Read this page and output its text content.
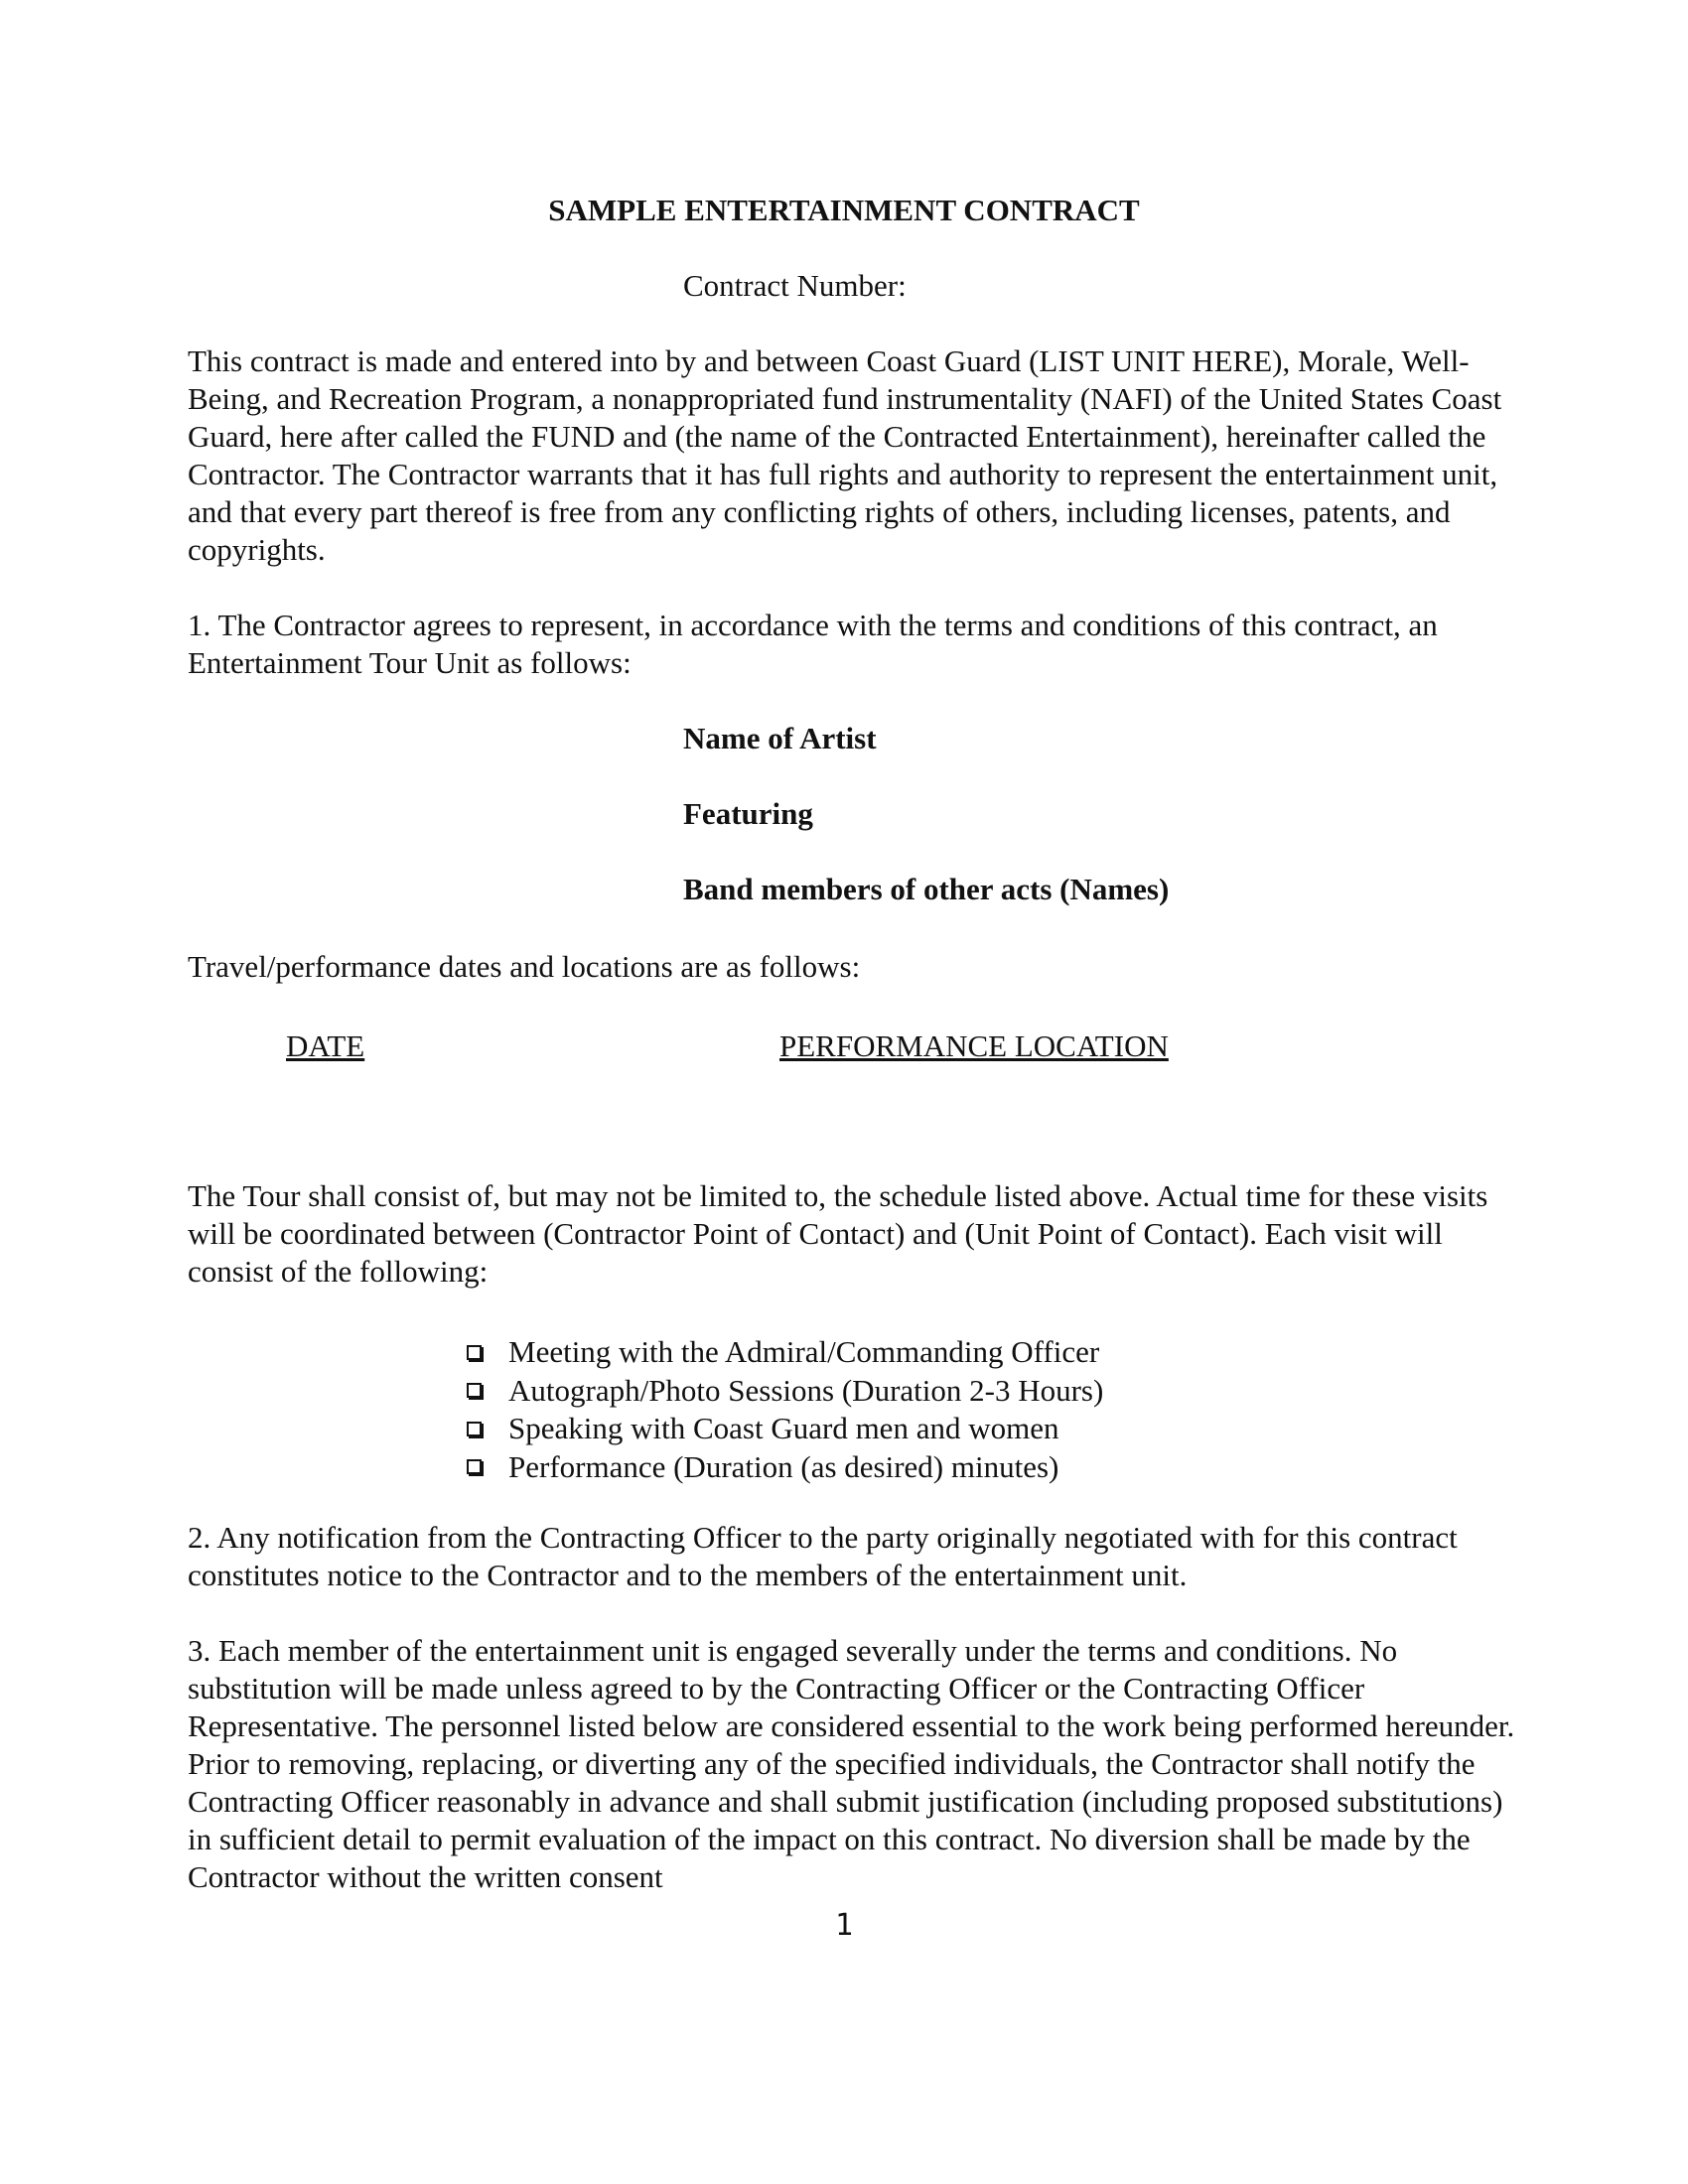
SAMPLE ENTERTAINMENT CONTRACT

Contract Number:

This contract is made and entered into by and between Coast Guard (LIST UNIT HERE), Morale, Well-Being, and Recreation Program, a nonappropriated fund instrumentality (NAFI) of the United States Coast Guard, here after called the FUND and (the name of the Contracted Entertainment), hereinafter called the Contractor. The Contractor warrants that it has full rights and authority to represent the entertainment unit, and that every part thereof is free from any conflicting rights of others, including licenses, patents, and copyrights.

1. The Contractor agrees to represent, in accordance with the terms and conditions of this contract, an Entertainment Tour Unit as follows:

Name of Artist

Featuring

Band members of other acts (Names)

Travel/performance dates and locations are as follows:

DATE	PERFORMANCE LOCATION

The Tour shall consist of, but may not be limited to, the schedule listed above. Actual time for these visits will be coordinated between (Contractor Point of Contact) and (Unit Point of Contact). Each visit will consist of the following:

Meeting with the Admiral/Commanding Officer
Autograph/Photo Sessions (Duration 2-3 Hours)
Speaking with Coast Guard men and women
Performance (Duration (as desired) minutes)

2. Any notification from the Contracting Officer to the party originally negotiated with for this contract constitutes notice to the Contractor and to the members of the entertainment unit.

3. Each member of the entertainment unit is engaged severally under the terms and conditions. No substitution will be made unless agreed to by the Contracting Officer or the Contracting Officer Representative. The personnel listed below are considered essential to the work being performed hereunder. Prior to removing, replacing, or diverting any of the specified individuals, the Contractor shall notify the Contracting Officer reasonably in advance and shall submit justification (including proposed substitutions) in sufficient detail to permit evaluation of the impact on this contract. No diversion shall be made by the Contractor without the written consent

1
